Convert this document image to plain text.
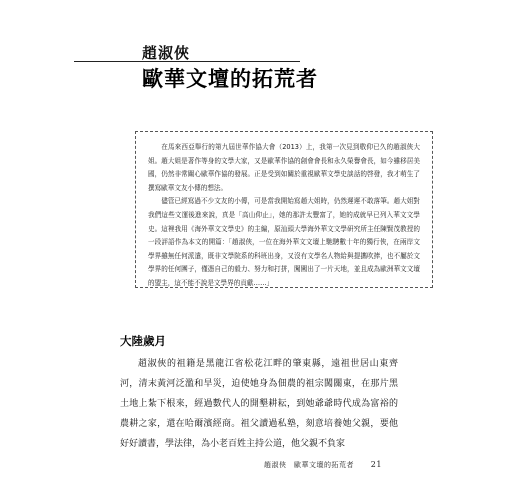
趙淑俠
歐華文壇的拓荒者

在馬來西亞舉行的第九屆世華作協大會（2013）上，我第一次見到敬仰已久的趙淑俠大姐。趙大姐是著作等身的文學大家，又是歐華作協的創會會長和永久榮譽會長，如今雖移居美國，仍然非常關心歐華作協的發展。正是受到如關於重視歐華文學史談話的啓發，我才萌生了撰寫歐華文友小傳的想法。

儘管已經寫過不少文友的小傳，可是當我開始寫趙大姐時，仍然遲遲不敢落筆。趙大姐對我們這些文運後進來說，真是「高山仰止」，她的那許太豐富了，她的成就早已列入華文文學史。這裡我用《海外華文文學史》的主編，原汕頭大學海外華文文學研究所主任陳賢茂教授的一段評語作為本文的開篇：「趙淑俠，一位在海外華文文壇上馳騁數十年的獨行俠，在兩岸文學界雖無任何派遣，既非文學院系的科班出身，又沒有文學名人物給與提攜吹捧，也不屬於文學界的任何團子，僅憑自己的毅力、努力和打拼，闖闖出了一片天地，並且成為歐洲華文文壇的盟主，這不能不說是文學界的貢獻……」

大陸歲月

趙淑俠的祖籍是黑龍江省松花江畔的肇東縣，遠祖世居山東齊河，清末黃河泛濫和旱災，迫使她身為佃農的祖宗闖關東，在那片黑土地上紮下根來，經過數代人的開墾耕耘，到她爺爺時代成為富裕的農耕之家，還在哈爾濱經商。祖父讀過私塾，刻意培養她父親，要他好好讀書，學法律，為小老百姓主持公道，他父親不負家

趙淑俠　歐華文壇的拓荒者 21
